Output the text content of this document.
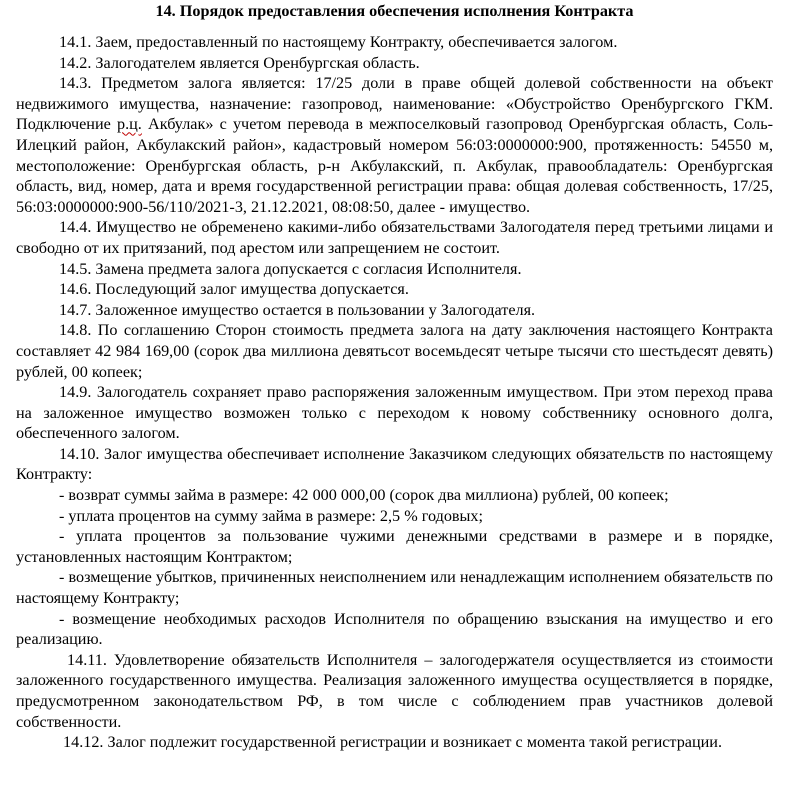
14. Порядок предоставления обеспечения исполнения Контракта

14.1. Заем, предоставленный по настоящему Контракту, обеспечивается залогом.

14.2. Залогодателем является Оренбургская область.

14.3. Предметом залога является: 17/25 доли в праве общей долевой собственности на объект недвижимого имущества, назначение: газопровод, наименование: «Обустройство Оренбургского ГКМ. Подключение р.ц. Акбулак» с учетом перевода в межпоселковый газопровод Оренбургская область, Соль-Илецкий район, Акбулакский район», кадастровый номером 56:03:0000000:900, протяженность: 54550 м, местоположение: Оренбургская область, р-н Акбулакский, п. Акбулак, правообладатель: Оренбургская область, вид, номер, дата и время государственной регистрации права: общая долевая собственность, 17/25, 56:03:0000000:900-56/110/2021-3, 21.12.2021, 08:08:50, далее - имущество.

14.4. Имущество не обременено какими-либо обязательствами Залогодателя перед третьими лицами и свободно от их притязаний, под арестом или запрещением не состоит.

14.5. Замена предмета залога допускается с согласия Исполнителя.

14.6. Последующий залог имущества допускается.

14.7. Заложенное имущество остается в пользовании у Залогодателя.

14.8. По соглашению Сторон стоимость предмета залога на дату заключения настоящего Контракта составляет 42 984 169,00 (сорок два миллиона девятьсот восемьдесят четыре тысячи сто шестьдесят девять) рублей, 00 копеек;

14.9. Залогодатель сохраняет право распоряжения заложенным имуществом. При этом переход права на заложенное имущество возможен только с переходом к новому собственнику основного долга, обеспеченного залогом.

14.10. Залог имущества обеспечивает исполнение Заказчиком следующих обязательств по настоящему Контракту:

- возврат суммы займа в размере: 42 000 000,00 (сорок два миллиона) рублей, 00 копеек;

- уплата процентов на сумму займа в размере: 2,5 % годовых;

- уплата процентов за пользование чужими денежными средствами в размере и в порядке, установленных настоящим Контрактом;

- возмещение убытков, причиненных неисполнением или ненадлежащим исполнением обязательств по настоящему Контракту;

- возмещение необходимых расходов Исполнителя по обращению взыскания на имущество и его реализацию.

14.11. Удовлетворение обязательств Исполнителя – залогодержателя осуществляется из стоимости заложенного государственного имущества. Реализация заложенного имущества осуществляется в порядке, предусмотренном законодательством РФ, в том числе с соблюдением прав участников долевой собственности.

14.12. Залог подлежит государственной регистрации и возникает с момента такой регистрации.
